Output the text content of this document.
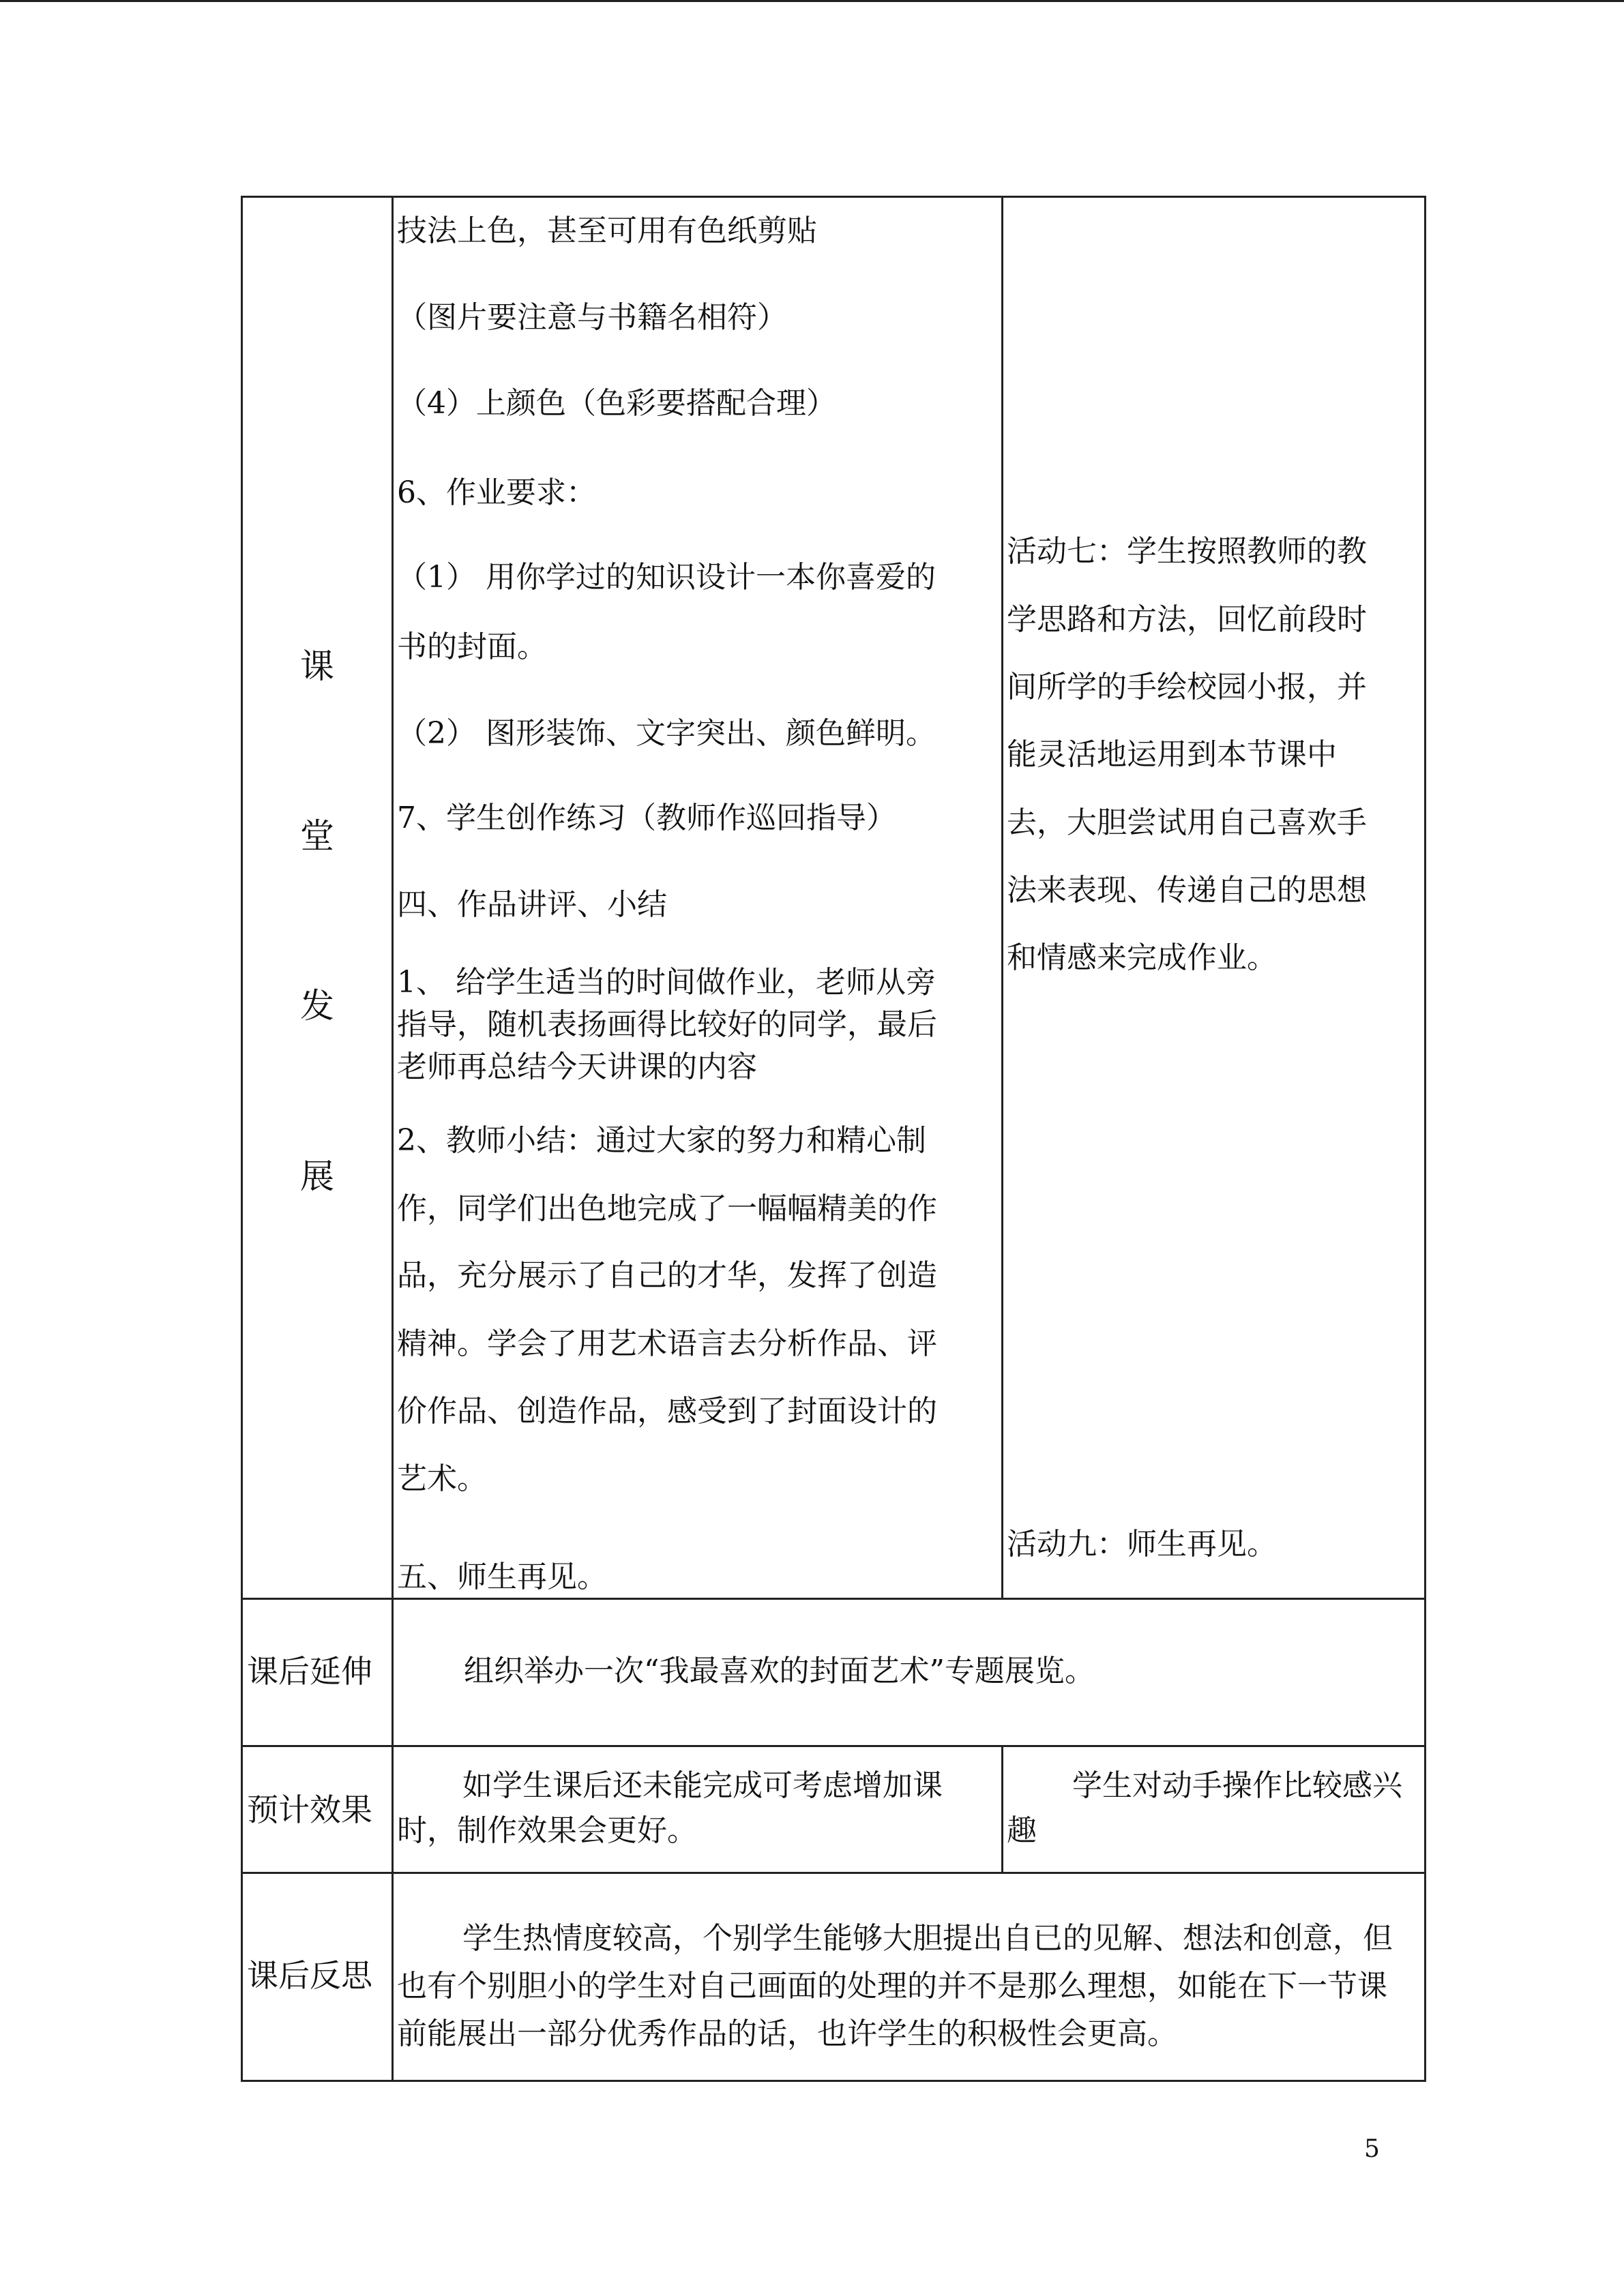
课
堂
发
展
技法上色，甚至可用有色纸剪贴
（图片要注意与书籍名相符）
（4）上颜色（色彩要搭配合理）
6、作业要求：
（1） 用你学过的知识设计一本你喜爱的
书的封面。
（2） 图形装饰、文字突出、颜色鲜明。
7、学生创作练习（教师作巡回指导）
四、作品讲评、小结
1、 给学生适当的时间做作业，老师从旁
指导，随机表扬画得比较好的同学，最后
老师再总结今天讲课的内容
2、教师小结：通过大家的努力和精心制
作，同学们出色地完成了一幅幅精美的作
品，充分展示了自己的才华，发挥了创造
精神。学会了用艺术语言去分析作品、评
价作品、创造作品，感受到了封面设计的
艺术。
五、师生再见。
活动七：学生按照教师的教
学思路和方法，回忆前段时
间所学的手绘校园小报，并
能灵活地运用到本节课中
去，大胆尝试用自己喜欢手
法来表现、传递自己的思想
和情感来完成作业。
活动九：师生再见。
课后延伸	组织举办一次“我最喜欢的封面艺术”专题展览。
预计效果
如学生课后还未能完成可考虑增加课时，制作效果会更好。
学生对动手操作比较感兴趣
课后反思
学生热情度较高，个别学生能够大胆提出自已的见解、想法和创意，但也有个别胆小的学生对自己画面的处理的并不是那么理想，如能在下一节课前能展出一部分优秀作品的话，也许学生的积极性会更高。
5
